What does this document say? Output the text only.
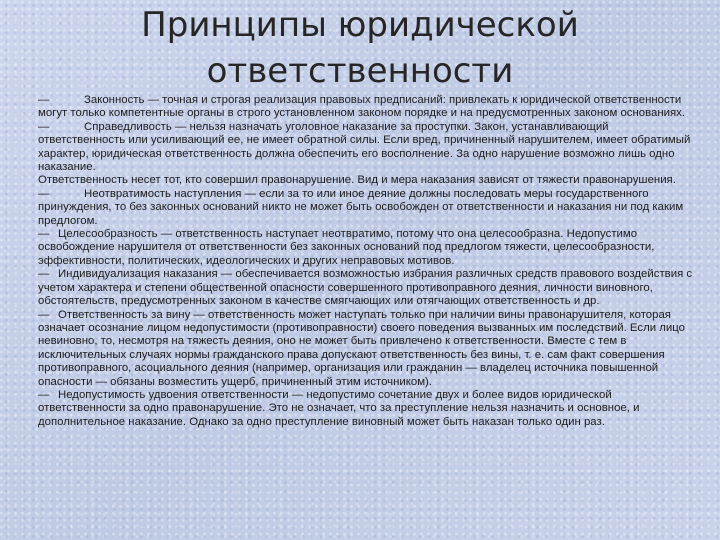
Принципы юридической
ответственности

—	Законность — точная и строгая реализация правовых предписаний: привлекать к юридической ответственности могут только компетентные органы в строго установленном законом порядке и на предусмотренных законом основаниях.

—	Справедливость — нельзя назначать уголовное наказание за проступки. Закон, устанавливающий ответственность или усиливающий ее, не имеет обратной силы. Если вред, причиненный нарушителем, имеет обратимый характер, юридическая ответственность должна обеспечить его восполнение. За одно нарушение возможно лишь одно наказание.

Ответственность несет тот, кто совершил правонарушение. Вид и мера наказания зависят от тяжести правонарушения.

—	Неотвратимость наступления — если за то или иное деяние должны последовать меры государственного принуждения, то без законных оснований никто не может быть освобожден от ответственности и наказания ни под каким предлогом.

— Целесообразность — ответственность наступает неотвратимо, потому что она целесообразна. Недопустимо освобождение нарушителя от ответственности без законных оснований под предлогом тяжести, целесообразности, эффективности, политических, идеологических и других неправовых мотивов.

— Индивидуализация наказания — обеспечивается возможностью избрания различных средств правового воздействия с учетом характера и степени общественной опасности совершенного противоправного деяния, личности виновного, обстоятельств, предусмотренных законом в качестве смягчающих или отягчающих ответственность и др.

— Ответственность за вину — ответственность может наступать только при наличии вины правонарушителя, которая означает осознание лицом недопустимости (противоправности) своего поведения вызванных им последствий. Если лицо невиновно, то, несмотря на тяжесть деяния, оно не может быть привлечено к ответственности. Вместе с тем в исключительных случаях нормы гражданского права допускают ответственность без вины, т. е. сам факт совершения противоправного, асоциального деяния (например, организация или гражданин — владелец источника повышенной опасности — обязаны возместить ущерб, причиненный этим источником).

— Недопустимость удвоения ответственности — недопустимо сочетание двух и более видов юридической ответственности за одно правонарушение. Это не означает, что за преступление нельзя назначить и основное, и дополнительное наказание. Однако за одно преступление виновный может быть наказан только один раз.
